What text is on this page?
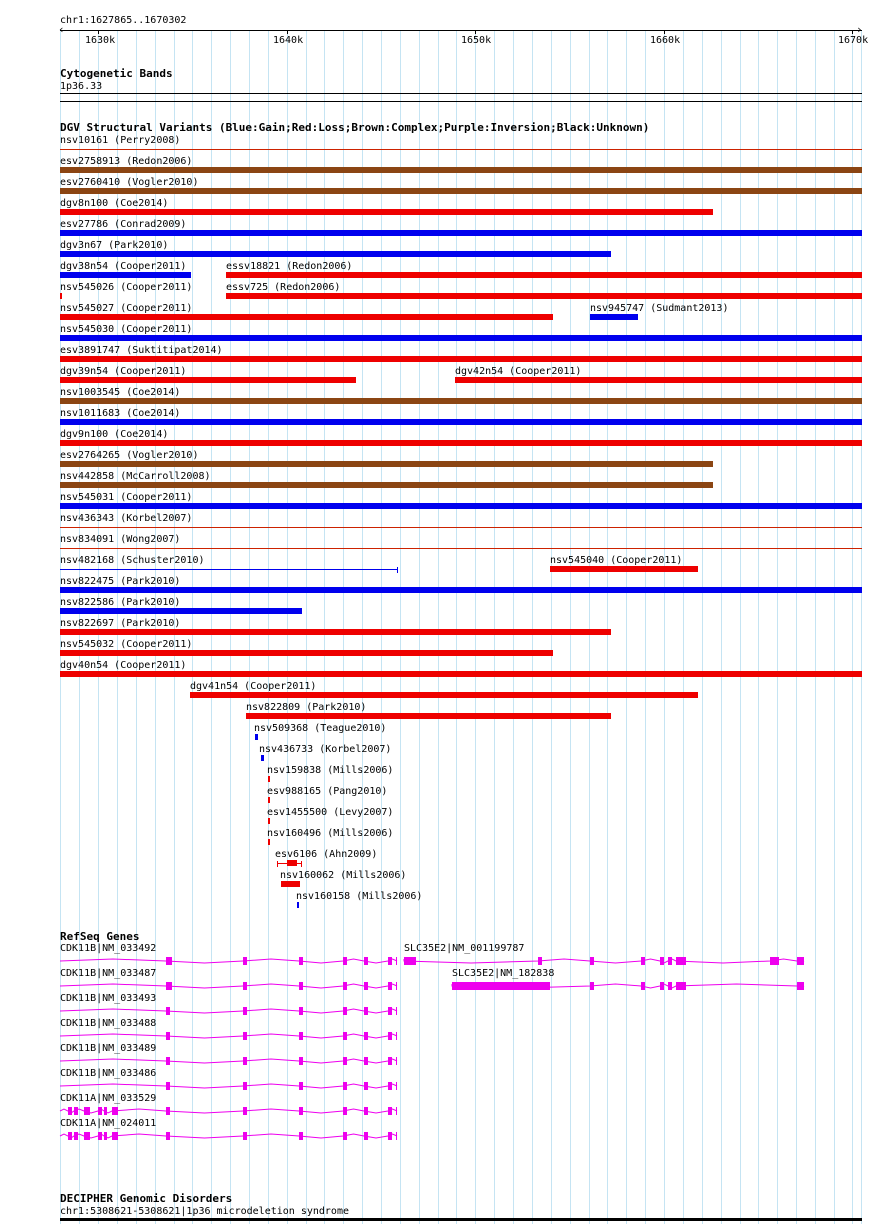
chr1:1627865..1670302
‹	›
1630k	1640k	1650k	1660k	1670k
Cytogenetic Bands
1p36.33
DGV Structural Variants (Blue:Gain;Red:Loss;Brown:Complex;Purple:Inversion;Black:Unknown)
nsv10161 (Perry2008)
esv2758913 (Redon2006)
esv2760410 (Vogler2010)
dgv8n100 (Coe2014)
esv27786 (Conrad2009)
dgv3n67 (Park2010)
dgv38n54 (Cooper2011)	essv18821 (Redon2006)
nsv545026 (Cooper2011)	essv725 (Redon2006)
nsv545027 (Cooper2011)	nsv945747 (Sudmant2013)
nsv545030 (Cooper2011)
esv3891747 (Suktitipat2014)
dgv39n54 (Cooper2011)	dgv42n54 (Cooper2011)
nsv1003545 (Coe2014)
nsv1011683 (Coe2014)
dgv9n100 (Coe2014)
esv2764265 (Vogler2010)
nsv442858 (McCarroll2008)
nsv545031 (Cooper2011)
nsv436343 (Korbel2007)
nsv834091 (Wong2007)
nsv482168 (Schuster2010)	nsv545040 (Cooper2011)
nsv822475 (Park2010)
nsv822586 (Park2010)
nsv822697 (Park2010)
nsv545032 (Cooper2011)
dgv40n54 (Cooper2011)
dgv41n54 (Cooper2011)
nsv822809 (Park2010)
nsv509368 (Teague2010)
nsv436733 (Korbel2007)
nsv159838 (Mills2006)
esv988165 (Pang2010)
esv1455500 (Levy2007)
nsv160496 (Mills2006)
esv6106 (Ahn2009)
nsv160062 (Mills2006)
nsv160158 (Mills2006)
RefSeq Genes
CDK11B|NM_033492
CDK11B|NM_033487
CDK11B|NM_033493
CDK11B|NM_033488
CDK11B|NM_033489
CDK11B|NM_033486
CDK11A|NM_033529
CDK11A|NM_024011
SLC35E2|NM_001199787
SLC35E2|NM_182838
DECIPHER Genomic Disorders
chr1:5308621-5308621|1p36 microdeletion syndrome
